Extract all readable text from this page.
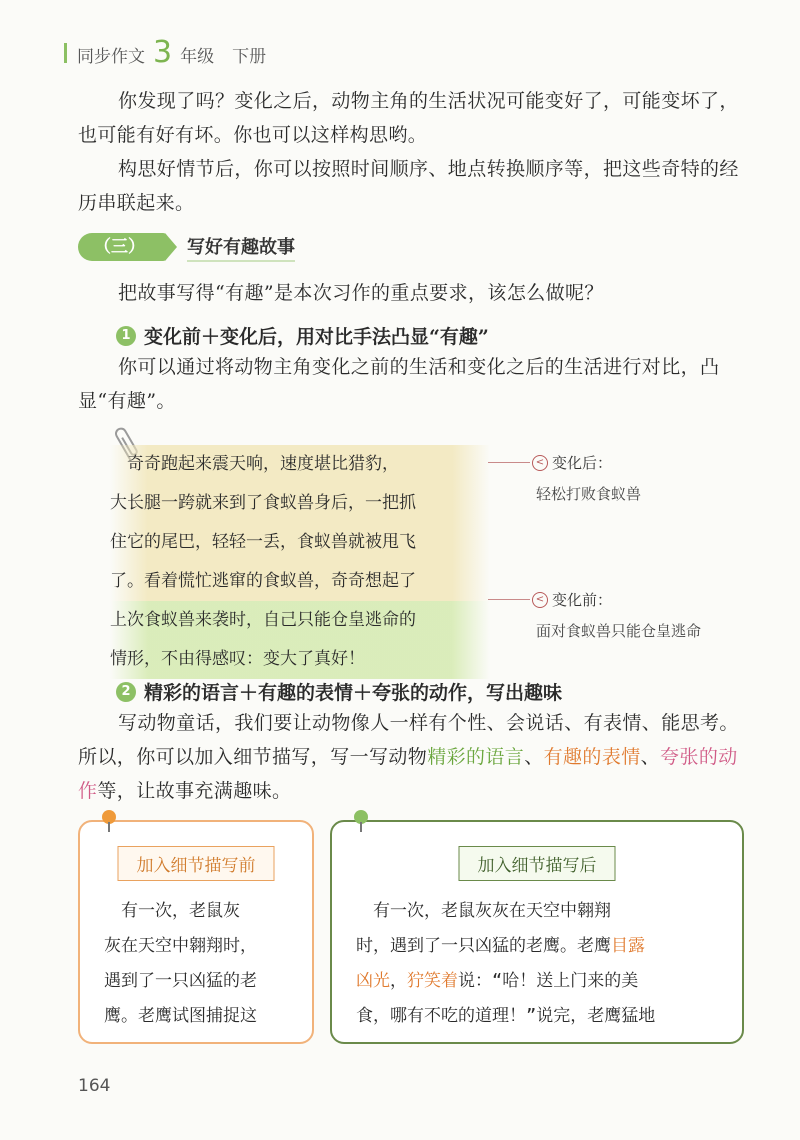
同步作文 3 年级 下册

你发现了吗？变化之后，动物主角的生活状况可能变好了，可能变坏了，也可能有好有坏。你也可以这样构思哟。

构思好情节后，你可以按照时间顺序、地点转换顺序等，把这些奇特的经历串联起来。

（三）	写好有趣故事

把故事写得“有趣”是本次习作的重点要求，该怎么做呢？

1 变化前＋变化后，用对比手法凸显“有趣”

你可以通过将动物主角变化之前的生活和变化之后的生活进行对比，凸显“有趣”。

　奇奇跑起来震天响，速度堪比猎豹，
大长腿一跨就来到了食蚁兽身后，一把抓
住它的尾巴，轻轻一丢，食蚁兽就被甩飞
了。看着慌忙逃窜的食蚁兽，奇奇想起了
上次食蚁兽来袭时，自己只能仓皇逃命的
情形，不由得感叹：变大了真好！
< 变化后：
轻松打败食蚁兽
< 变化前：
面对食蚁兽只能仓皇逃命
2 精彩的语言＋有趣的表情＋夸张的动作，写出趣味

写动物童话，我们要让动物像人一样有个性、会说话、有表情、能思考。所以，你可以加入细节描写，写一写动物精彩的语言、有趣的表情、夸张的动作等，让故事充满趣味。

加入细节描写前
　有一次，老鼠灰
灰在天空中翱翔时，
遇到了一只凶猛的老
鹰。老鹰试图捕捉这
加入细节描写后
　有一次，老鼠灰灰在天空中翱翔
时，遇到了一只凶猛的老鹰。老鹰目露
凶光，狞笑着说：“哈！送上门来的美
食，哪有不吃的道理！”说完，老鹰猛地
164
